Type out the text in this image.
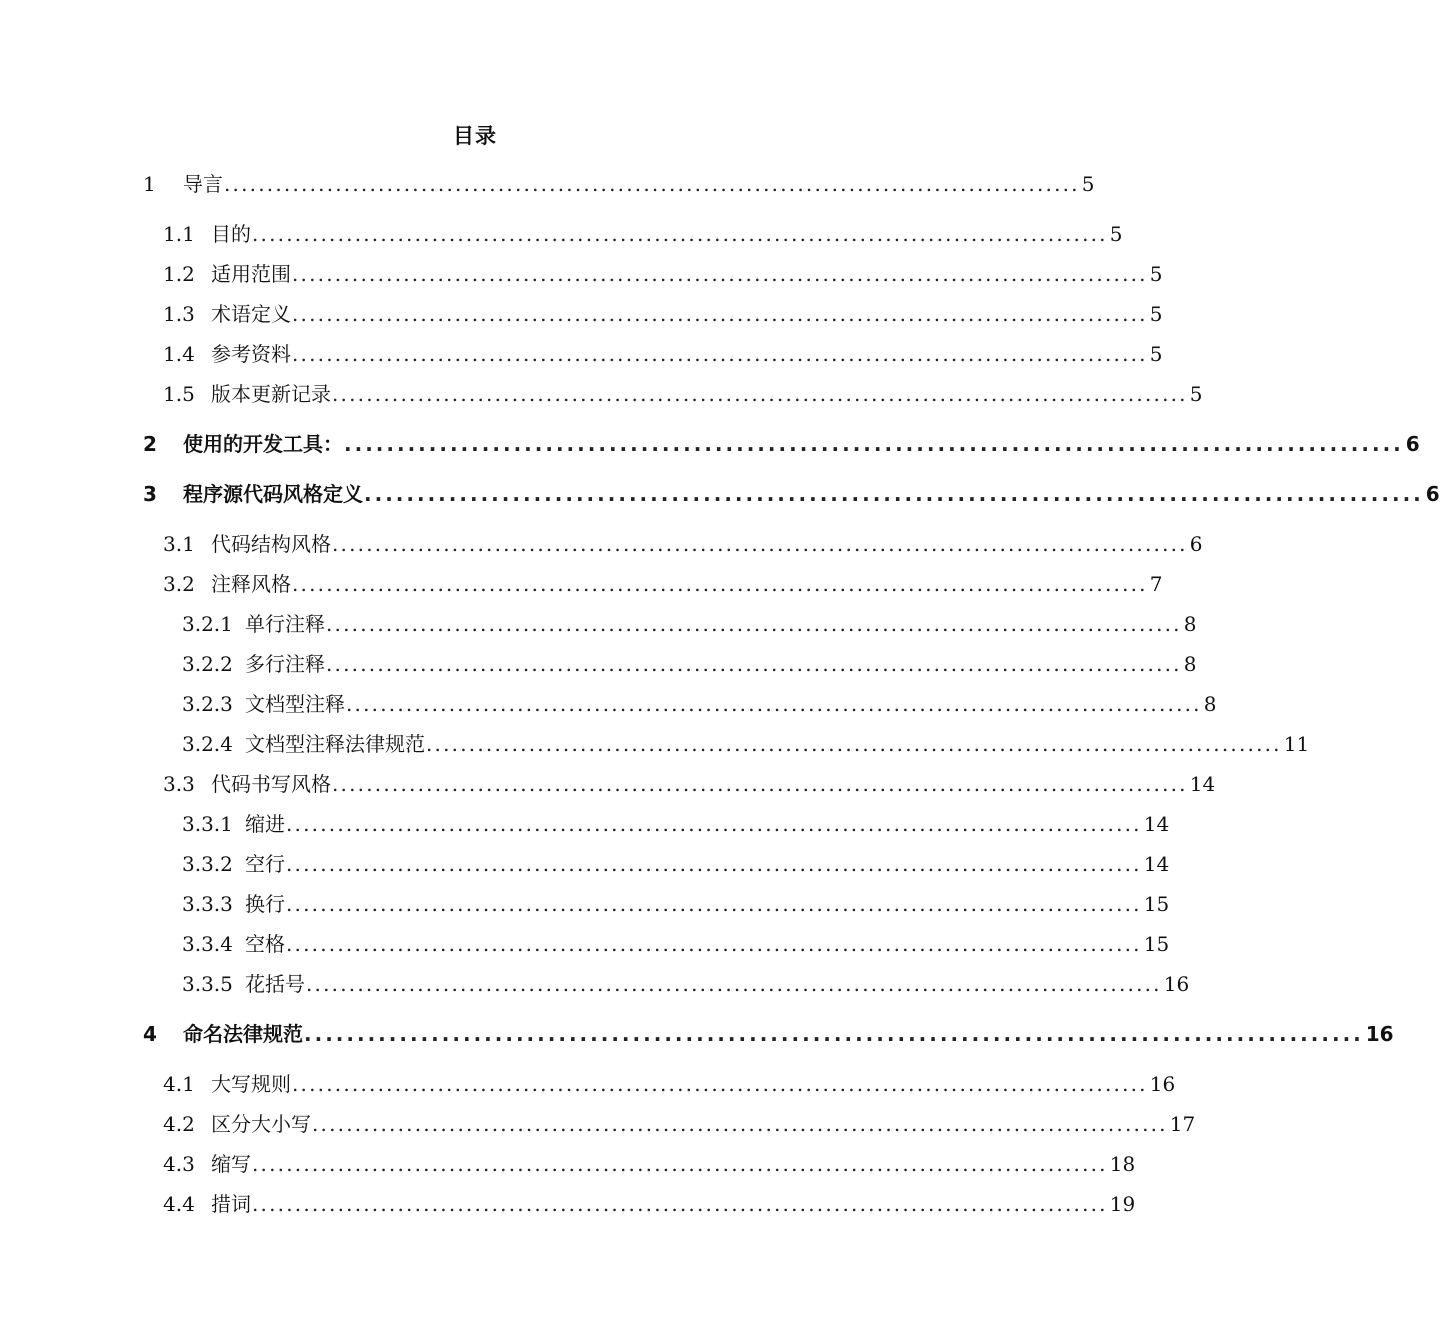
目录
1	导言 .................................................................................................... 5
1.1 目的 .................................................................................................... 5
1.2 适用范围 .................................................................................................... 5
1.3 术语定义 .................................................................................................... 5
1.4 参考资料 .................................................................................................... 5
1.5 版本更新记录 .................................................................................................... 5
2	使用的开发工具： .................................................................................................... 6
3	程序源代码风格定义 .................................................................................................... 6
3.1 代码结构风格 .................................................................................................... 6
3.2 注释风格 .................................................................................................... 7
3.2.1 单行注释 .................................................................................................... 8
3.2.2 多行注释 .................................................................................................... 8
3.2.3 文档型注释 .................................................................................................... 8
3.2.4 文档型注释法律规范 .................................................................................................... 11
3.3 代码书写风格 .................................................................................................... 14
3.3.1 缩进 .................................................................................................... 14
3.3.2 空行 .................................................................................................... 14
3.3.3 换行 .................................................................................................... 15
3.3.4 空格 .................................................................................................... 15
3.3.5 花括号 .................................................................................................... 16
4	命名法律规范 .................................................................................................... 16
4.1 大写规则 .................................................................................................... 16
4.2 区分大小写 .................................................................................................... 17
4.3 缩写 .................................................................................................... 18
4.4 措词 .................................................................................................... 19
